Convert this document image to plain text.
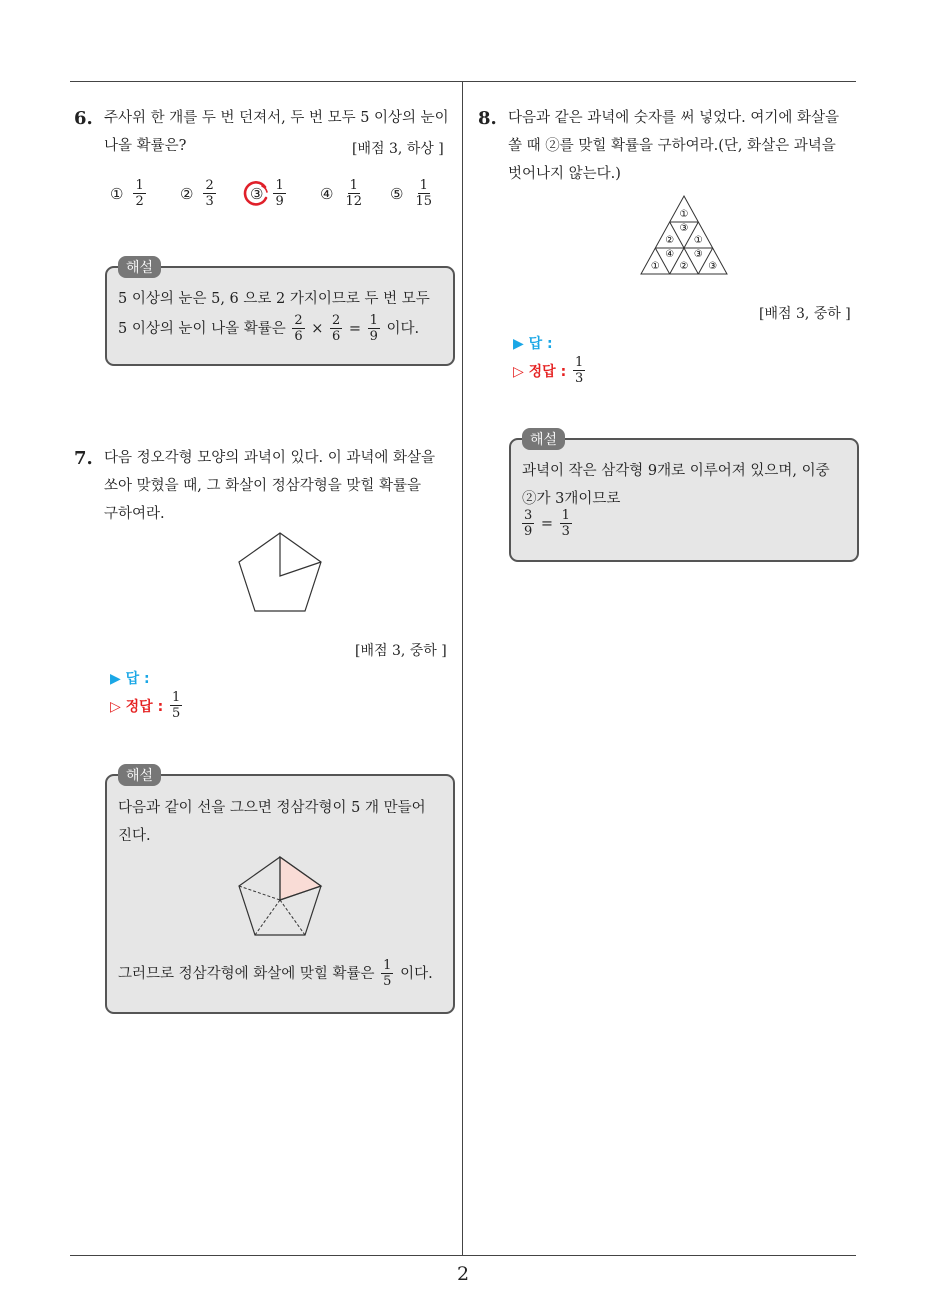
2
6. 주사위 한 개를 두 번 던져서, 두 번 모두 5 이상의 눈이
나올 확률은?	[배점 3, 하상 ]
① $\frac{1}{2}$ ② $\frac{2}{3}$ ③ $\frac{1}{9}$ ④ $\frac{1}{12}$ ⑤ $\frac{1}{15}$
해설
5 이상의 눈은 5, 6 으로 2 가지이므로 두 번 모두
5 이상의 눈이 나올 확률은
$\frac{2}{6}$
×
$\frac{2}{6}$
=
$\frac{1}{9}$
이다.
7. 다음 정오각형 모양의 과녁이 있다. 이 과녁에 화살을
쏘아 맞혔을 때, 그 화살이 정삼각형을 맞힐 확률을
구하여라.
[배점 3, 중하 ]
▶ 답 :
▷ 정답 :
$\frac{1}{5}$
해설
다음과 같이 선을 그으면 정삼각형이 5 개 만들어
진다.
그러므로 정삼각형에 화살에 맞힐 확률은
$\frac{1}{5}$
이다.
8. 다음과 같은 과녁에 숫자를 써 넣었다. 여기에 화살을
쏠 때 ②를 맞힐 확률을 구하여라.(단, 화살은 과녁을
벗어나지 않는다.)
①
②
③
①
①
④
②
③
③
[배점 3, 중하 ]
▶ 답 :
▷ 정답 :
$\frac{1}{3}$
해설
과녁이 작은 삼각형 9개로 이루어져 있으며, 이중
②가 3개이므로
$\frac{3}{9}$
=
$\frac{1}{3}$
